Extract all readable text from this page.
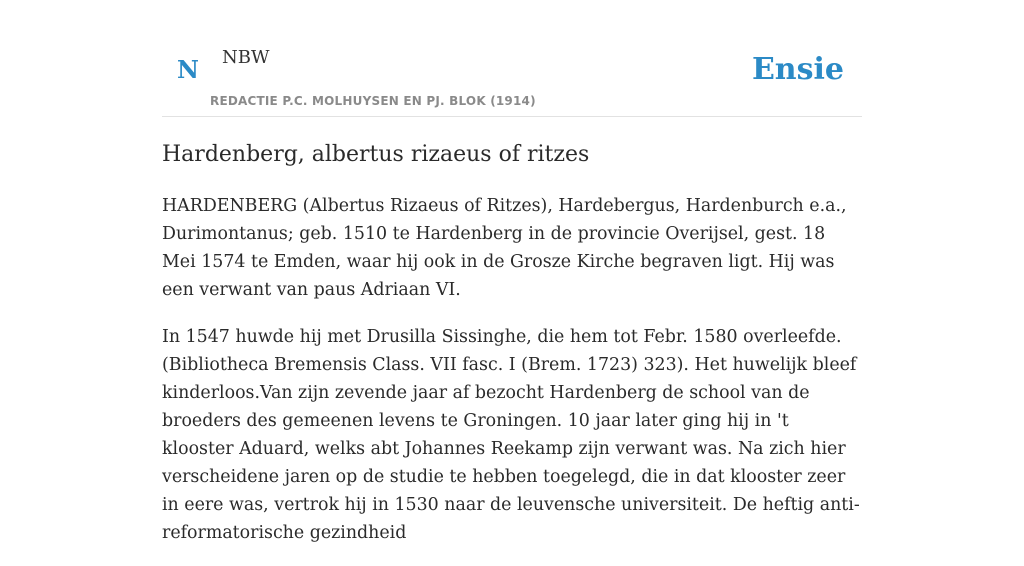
N NBW
REDACTIE P.C. MOLHUYSEN EN PJ. BLOK (1914)
Ensie
Hardenberg, albertus rizaeus of ritzes

HARDENBERG (Albertus Rizaeus of Ritzes), Hardebergus, Hardenburch e.a., Durimontanus; geb. 1510 te Hardenberg in de provincie Overijsel, gest. 18 Mei 1574 te Emden, waar hij ook in de Grosze Kirche begraven ligt. Hij was een verwant van paus Adriaan VI.

In 1547 huwde hij met Drusilla Sissinghe, die hem tot Febr. 1580 overleefde. (Bibliotheca Bremensis Class. VII fasc. I (Brem. 1723) 323). Het huwelijk bleef kinderloos.Van zijn zevende jaar af bezocht Hardenberg de school van de broeders des gemeenen levens te Groningen. 10 jaar later ging hij in 't klooster Aduard, welks abt Johannes Reekamp zijn verwant was. Na zich hier verscheidene jaren op de studie te hebben toegelegd, die in dat klooster zeer in eere was, vertrok hij in 1530 naar de leuvensche universiteit. De heftig anti-reformatorische gezindheid
